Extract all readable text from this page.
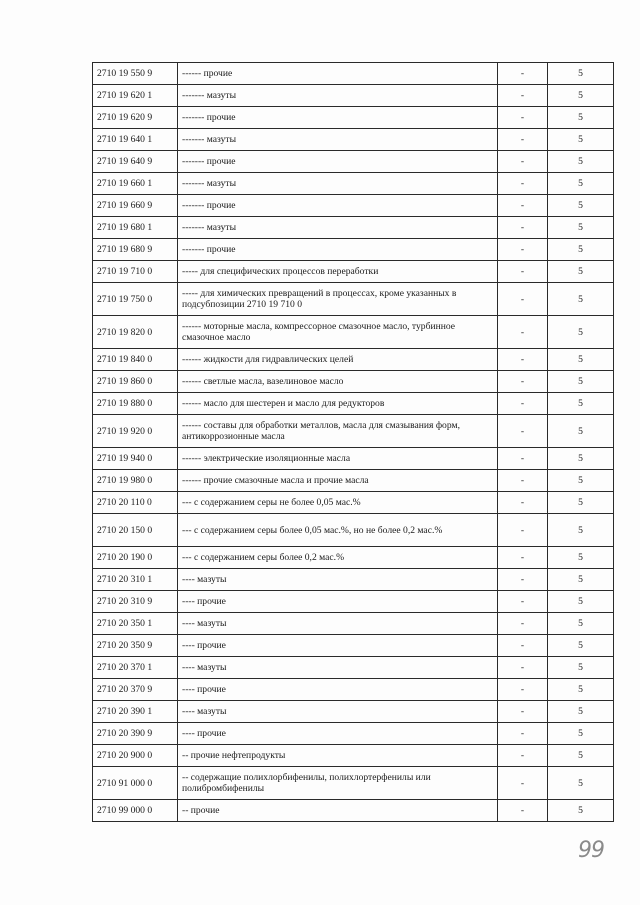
2710 19 550 9	------ прочие	-	5
2710 19 620 1	------- мазуты	-	5
2710 19 620 9	------- прочие	-	5
2710 19 640 1	------- мазуты	-	5
2710 19 640 9	------- прочие	-	5
2710 19 660 1	------- мазуты	-	5
2710 19 660 9	------- прочие	-	5
2710 19 680 1	------- мазуты	-	5
2710 19 680 9	------- прочие	-	5
2710 19 710 0	----- для специфических процессов переработки	-	5
2710 19 750 0	----- для химических превращений в процессах, кроме указанных в подсубпозиции 2710 19 710 0	-	5
2710 19 820 0	------ моторные масла, компрессорное смазочное масло, турбинное смазочное масло	-	5
2710 19 840 0	------ жидкости для гидравлических целей	-	5
2710 19 860 0	------ светлые масла, вазелиновое масло	-	5
2710 19 880 0	------ масло для шестерен и масло для редукторов	-	5
2710 19 920 0	------ составы для обработки металлов, масла для смазывания форм, антикоррозионные масла	-	5
2710 19 940 0	------ электрические изоляционные масла	-	5
2710 19 980 0	------ прочие смазочные масла и прочие масла	-	5
2710 20 110 0	--- с содержанием серы не более 0,05 мас.%	-	5
2710 20 150 0	--- с содержанием серы более 0,05 мас.%, но не более 0,2 мас.%	-	5
2710 20 190 0	--- с содержанием серы более 0,2 мас.%	-	5
2710 20 310 1	---- мазуты	-	5
2710 20 310 9	---- прочие	-	5
2710 20 350 1	---- мазуты	-	5
2710 20 350 9	---- прочие	-	5
2710 20 370 1	---- мазуты	-	5
2710 20 370 9	---- прочие	-	5
2710 20 390 1	---- мазуты	-	5
2710 20 390 9	---- прочие	-	5
2710 20 900 0	-- прочие нефтепродукты	-	5
2710 91 000 0	-- содержащие полихлорбифенилы, полихлортерфенилы или полибромбифенилы	-	5
2710 99 000 0	-- прочие	-	5
99
